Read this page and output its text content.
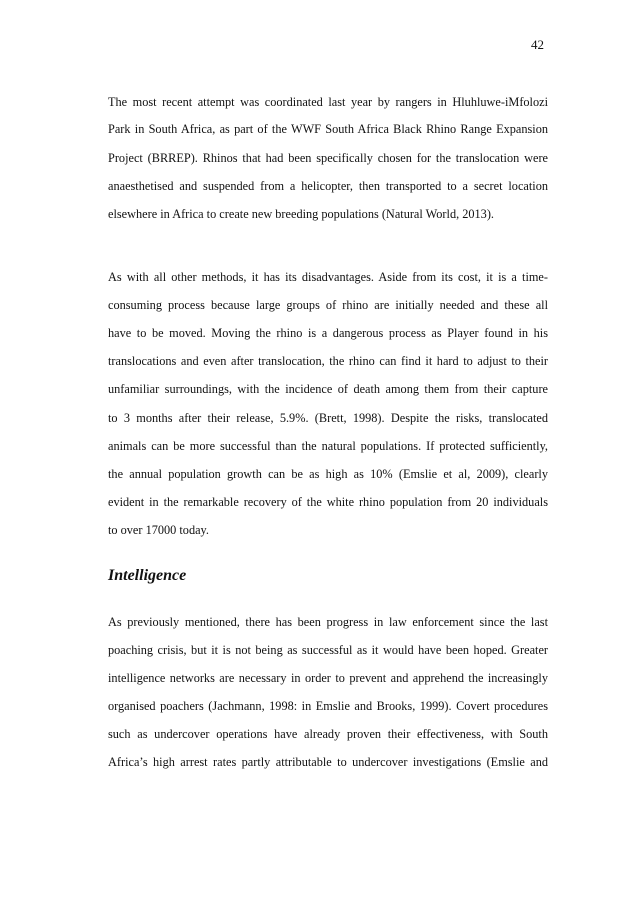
42
The most recent attempt was coordinated last year by rangers in Hluhluwe-iMfolozi
Park in South Africa, as part of the WWF South Africa Black Rhino Range Expansion
Project (BRREP). Rhinos that had been specifically chosen for the translocation were
anaesthetised and suspended from a helicopter, then transported to a secret location
elsewhere in Africa to create new breeding populations (Natural World, 2013).
As with all other methods, it has its disadvantages. Aside from its cost, it is a time-
consuming process because large groups of rhino are initially needed and these all
have to be moved. Moving the rhino is a dangerous process as Player found in his
translocations and even after translocation, the rhino can find it hard to adjust to their
unfamiliar surroundings, with the incidence of death among them from their capture
to 3 months after their release, 5.9%. (Brett, 1998). Despite the risks, translocated
animals can be more successful than the natural populations. If protected sufficiently,
the annual population growth can be as high as 10% (Emslie et al, 2009), clearly
evident in the remarkable recovery of the white rhino population from 20 individuals
to over 17000 today.
Intelligence
As previously mentioned, there has been progress in law enforcement since the last
poaching crisis, but it is not being as successful as it would have been hoped. Greater
intelligence networks are necessary in order to prevent and apprehend the increasingly
organised poachers (Jachmann, 1998: in Emslie and Brooks, 1999). Covert procedures
such as undercover operations have already proven their effectiveness, with South
Africa’s high arrest rates partly attributable to undercover investigations (Emslie and
